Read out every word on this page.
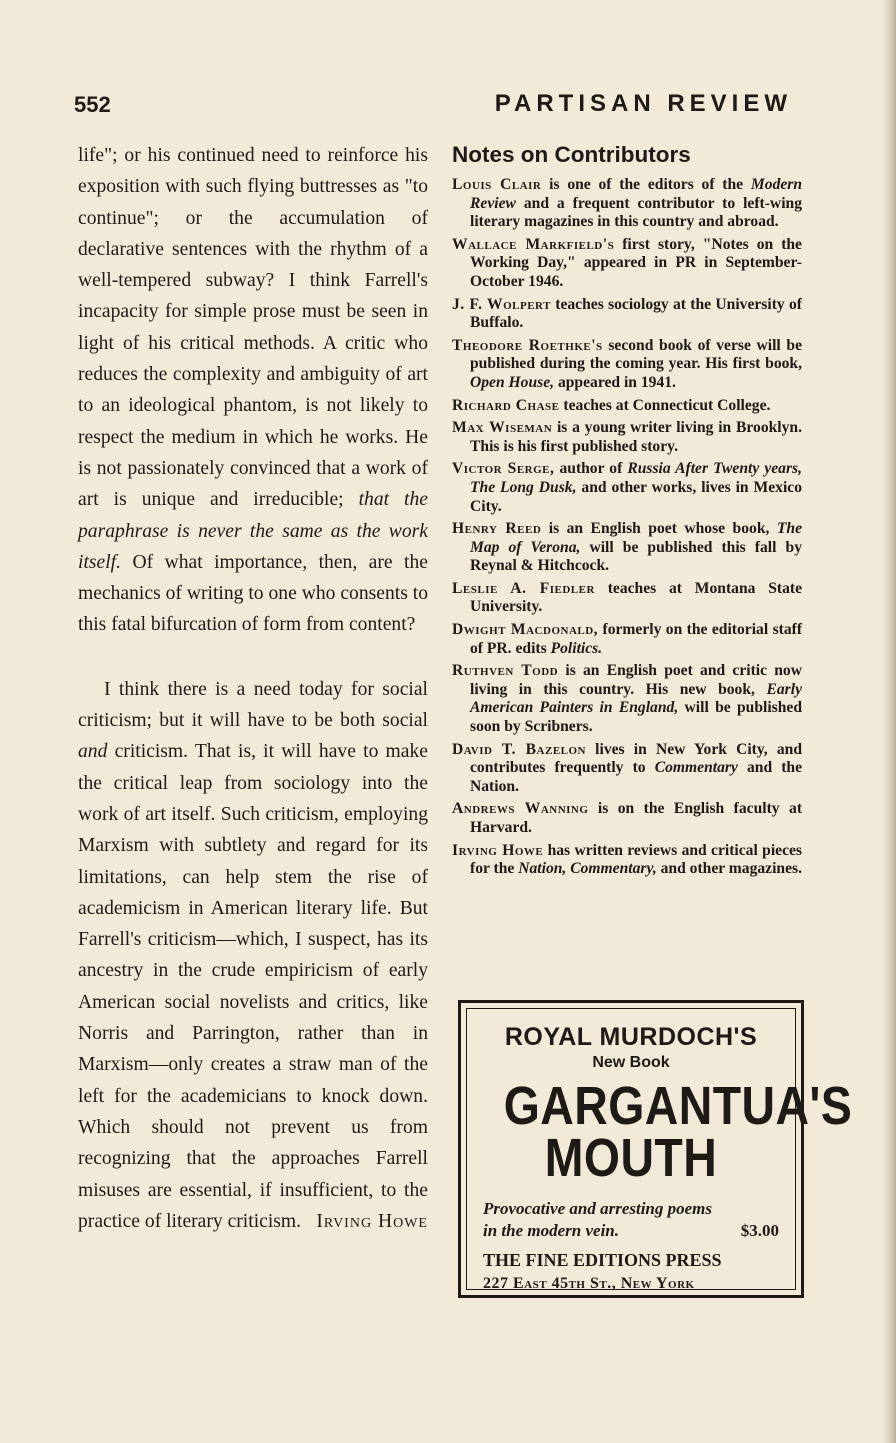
552	PARTISAN REVIEW

life"; or his continued need to reinforce his exposition with such flying buttresses as "to continue"; or the accumulation of declarative sentences with the rhythm of a well-tempered subway? I think Farrell's incapacity for simple prose must be seen in light of his critical methods. A critic who reduces the complexity and ambiguity of art to an ideological phantom, is not likely to respect the medium in which he works. He is not passionately convinced that a work of art is unique and irreducible; that the paraphrase is never the same as the work itself. Of what importance, then, are the mechanics of writing to one who consents to this fatal bifurcation of form from content?

I think there is a need today for social criticism; but it will have to be both social and criticism. That is, it will have to make the critical leap from sociology into the work of art itself. Such criticism, employing Marxism with subtlety and regard for its limitations, can help stem the rise of academicism in American literary life. But Farrell's criticism—which, I suspect, has its ancestry in the crude empiricism of early American social novelists and critics, like Norris and Parrington, rather than in Marxism—only creates a straw man of the left for the academicians to knock down. Which should not prevent us from recognizing that the approaches Farrell misuses are essential, if insufficient, to the practice of literary criticism. Irving Howe
Notes on Contributors

Louis Clair is one of the editors of the Modern Review and a frequent contributor to left-wing literary magazines in this country and abroad.

Wallace Markfield's first story, "Notes on the Working Day," appeared in PR in September-October 1946.

J. F. Wolpert teaches sociology at the University of Buffalo.

Theodore Roethke's second book of verse will be published during the coming year. His first book, Open House, appeared in 1941.

Richard Chase teaches at Connecticut College.

Max Wiseman is a young writer living in Brooklyn. This is his first published story.

Victor Serge, author of Russia After Twenty years, The Long Dusk, and other works, lives in Mexico City.

Henry Reed is an English poet whose book, The Map of Verona, will be published this fall by Reynal & Hitchcock.

Leslie A. Fiedler teaches at Montana State University.

Dwight Macdonald, formerly on the editorial staff of PR. edits Politics.

Ruthven Todd is an English poet and critic now living in this country. His new book, Early American Painters in England, will be published soon by Scribners.

David T. Bazelon lives in New York City, and contributes frequently to Commentary and the Nation.

Andrews Wanning is on the English faculty at Harvard.

Irving Howe has written reviews and critical pieces for the Nation, Commentary, and other magazines.

ROYAL MURDOCH'S
New Book
GARGANTUA'S
MOUTH
Provocative and arresting poems
in the modern vein.	$3.00
THE FINE EDITIONS PRESS
227 East 45th St., New York
